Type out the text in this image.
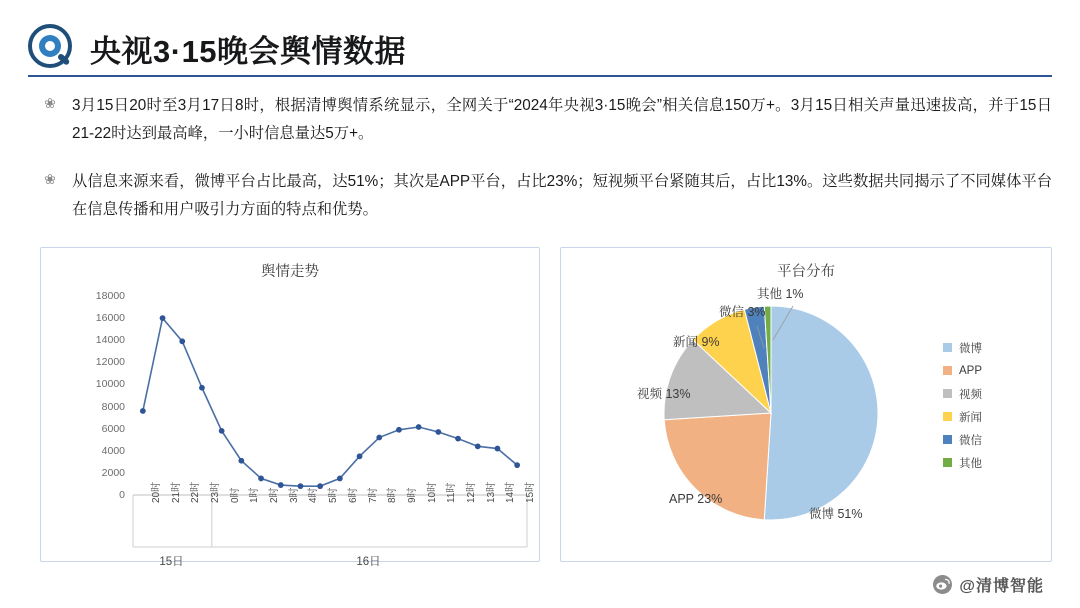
央视3·15晚会舆情数据
❀ 3月15日20时至3月17日8时，根据清博舆情系统显示，全网关于“2024年央视3·15晚会”相关信息150万+。3月15日相关声量迅速拔高，并于15日21-22时达到最高峰，一小时信息量达5万+。
❀ 从信息来源来看，微博平台占比最高，达51%；其次是APP平台，占比23%；短视频平台紧随其后，占比13%。这些数据共同揭示了不同媒体平台在信息传播和用户吸引力方面的特点和优势。
舆情走势
0
2000
4000
6000
8000
10000
12000
14000
16000
18000
20时 21时 22时 23时 0时 1时 2时 3时 4时 5时 6时 7时 8时 9时 10时 11时 12时 13时 14时 15时
15日	16日
平台分布
微博 51%
APP 23%
视频 13%
新闻 9%
微信 3%
其他 1%
微博
APP
视频
新闻
微信
其他
@清博智能
